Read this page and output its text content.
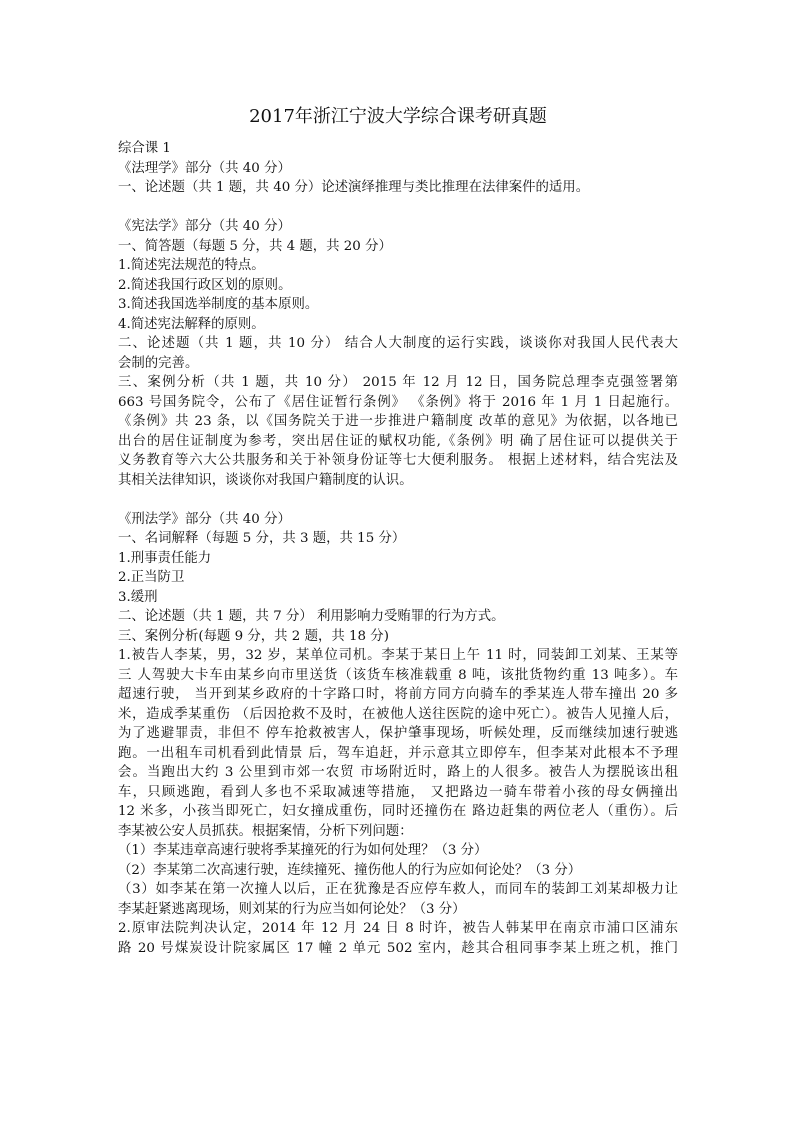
2017年浙江宁波大学综合课考研真题
综合课 1
《法理学》部分（共 40 分）
一、论述题（共 1 题，共 40 分）论述演绎推理与类比推理在法律案件的适用。
《宪法学》部分（共 40 分）
一、简答题（每题 5 分，共 4 题，共 20 分）
1.简述宪法规范的特点。
2.简述我国行政区划的原则。
3.简述我国选举制度的基本原则。
4.简述宪法解释的原则。
二、论述题（共 1 题，共 10 分） 结合人大制度的运行实践，谈谈你对我国人民代表大
会制的完善。
三、案例分析（共 1 题，共 10 分） 2015 年 12 月 12 日，国务院总理李克强签署第
663 号国务院令，公布了《居住证暂行条例》 《条例》将于 2016 年 1 月 1 日起施行。
《条例》共 23 条，以《国务院关于进一步推进户籍制度 改革的意见》为依据，以各地已
出台的居住证制度为参考，突出居住证的赋权功能,《条例》明 确了居住证可以提供关于
义务教育等六大公共服务和关于补领身份证等七大便利服务。 根据上述材料，结合宪法及
其相关法律知识，谈谈你对我国户籍制度的认识。
《刑法学》部分（共 40 分）
一、名词解释（每题 5 分，共 3 题，共 15 分）
1.刑事责任能力
2.正当防卫
3.缓刑
二、论述题（共 1 题，共 7 分） 利用影响力受贿罪的行为方式。
三、案例分析(每题 9 分，共 2 题，共 18 分)
1.被告人李某，男，32 岁，某单位司机。李某于某日上午 11 时，同装卸工刘某、王某等
三 人驾驶大卡车由某乡向市里送货（该货车核准载重 8 吨，该批货物约重 13 吨多）。车
超速行驶， 当开到某乡政府的十字路口时，将前方同方向骑车的季某连人带车撞出 20 多
米，造成季某重伤 （后因抢救不及时，在被他人送往医院的途中死亡）。被告人见撞人后，
为了逃避罪责，非但不 停车抢救被害人，保护肇事现场，听候处理，反而继续加速行驶逃
跑。一出租车司机看到此情景 后，驾车追赶，并示意其立即停车，但李某对此根本不予理
会。当跑出大约 3 公里到市郊一农贸 市场附近时，路上的人很多。被告人为摆脱该出租
车，只顾逃跑，看到人多也不采取减速等措施， 又把路边一骑车带着小孩的母女俩撞出
12 米多，小孩当即死亡，妇女撞成重伤，同时还撞伤在 路边赶集的两位老人（重伤）。后
李某被公安人员抓获。根据案情，分析下列问题：
（1）李某违章高速行驶将季某撞死的行为如何处理？（3 分）
（2）李某第二次高速行驶，连续撞死、撞伤他人的行为应如何论处？（3 分）
（3）如李某在第一次撞人以后，正在犹豫是否应停车救人，而同车的装卸工刘某却极力让
李某赶紧逃离现场，则刘某的行为应当如何论处？（3 分）
2.原审法院判决认定，2014 年 12 月 24 日 8 时许，被告人韩某甲在南京市浦口区浦东
路 20 号煤炭设计院家属区 17 幢 2 单元 502 室内，趁其合租同事李某上班之机，推门
